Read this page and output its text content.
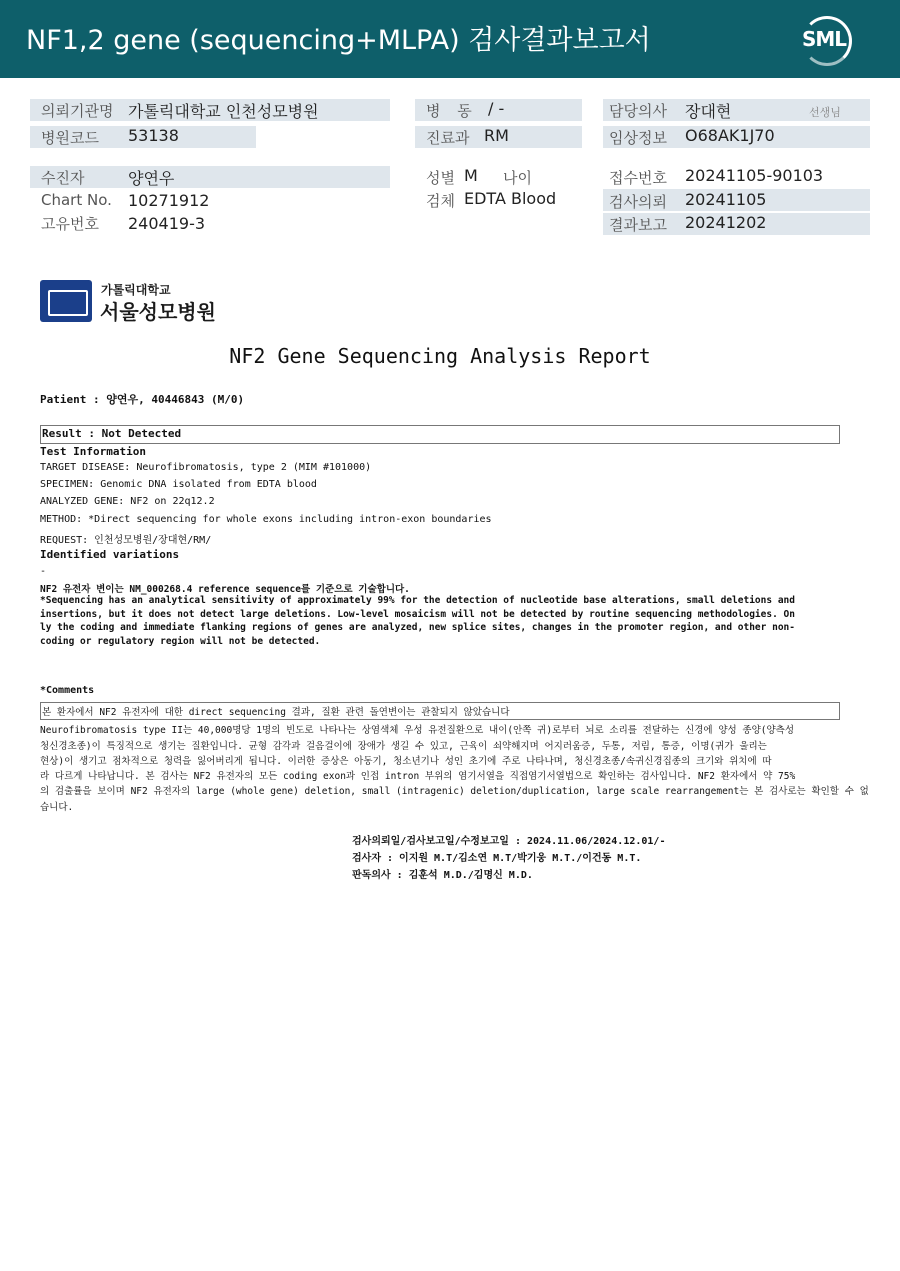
NF1,2 gene (sequencing+MLPA) 검사결과보고서	SML
의뢰기관명 가톨릭대학교 인천성모병원
병원코드 53138
병 동 / -
진료과 RM
담당의사 장대현	선생님
임상정보 O68AK1J70
수진자	양연우
Chart No. 10271912
고유번호 240419-3
성별 M 나이
검체 EDTA Blood
접수번호 20241105-90103
검사의뢰 20241105
결과보고 20241202
가톨릭대학교
서울성모병원
NF2 Gene Sequencing Analysis Report
Patient : 양연우, 40446843 (M/0)
Result : Not Detected
Test Information
TARGET DISEASE: Neurofibromatosis, type 2 (MIM #101000)
SPECIMEN: Genomic DNA isolated from EDTA blood
ANALYZED GENE: NF2 on 22q12.2
METHOD: *Direct sequencing for whole exons including intron-exon boundaries
REQUEST: 인천성모병원/장대현/RM/
Identified variations
-
NF2 유전자 변이는 NM_000268.4 reference sequence를 기준으로 기술합니다.
*Sequencing has an analytical sensitivity of approximately 99% for the detection of nucleotide base alterations, small deletions and
insertions, but it does not detect large deletions. Low-level mosaicism will not be detected by routine sequencing methodologies. On
ly the coding and immediate flanking regions of genes are analyzed, new splice sites, changes in the promoter region, and other non-
coding or regulatory region will not be detected.
*Comments
본 환자에서 NF2 유전자에 대한 direct sequencing 결과, 질환 관련 돌연변이는 관찰되지 않았습니다
Neurofibromatosis type II는 40,000명당 1명의 빈도로 나타나는 상염색체 우성 유전질환으로 내이(안쪽 귀)로부터 뇌로 소리를 전달하는 신경에 양성 종양(양측성
청신경초종)이 특징적으로 생기는 질환입니다. 균형 감각과 걸음걸이에 장애가 생길 수 있고, 근육이 쇠약해지며 어지러움증, 두통, 저림, 통증, 이명(귀가 울리는
현상)이 생기고 점차적으로 청력을 잃어버리게 됩니다. 이러한 증상은 아동기, 청소년기나 성인 초기에 주로 나타나며, 청신경초종/속귀신경집종의 크기와 위치에 따
라 다르게 나타납니다. 본 검사는 NF2 유전자의 모든 coding exon과 인접 intron 부위의 염기서열을 직접염기서열법으로 확인하는 검사입니다. NF2 환자에서 약 75%
의 검출률을 보이며 NF2 유전자의 large (whole gene) deletion, small (intragenic) deletion/duplication, large scale rearrangement는 본 검사로는 확인할 수 없
습니다.
검사의뢰일/검사보고일/수정보고일 : 2024.11.06/2024.12.01/-
검사자 : 이지원 M.T/김소연 M.T/박기웅 M.T./이건동 M.T.
판독의사 : 김훈석 M.D./김명신 M.D.
